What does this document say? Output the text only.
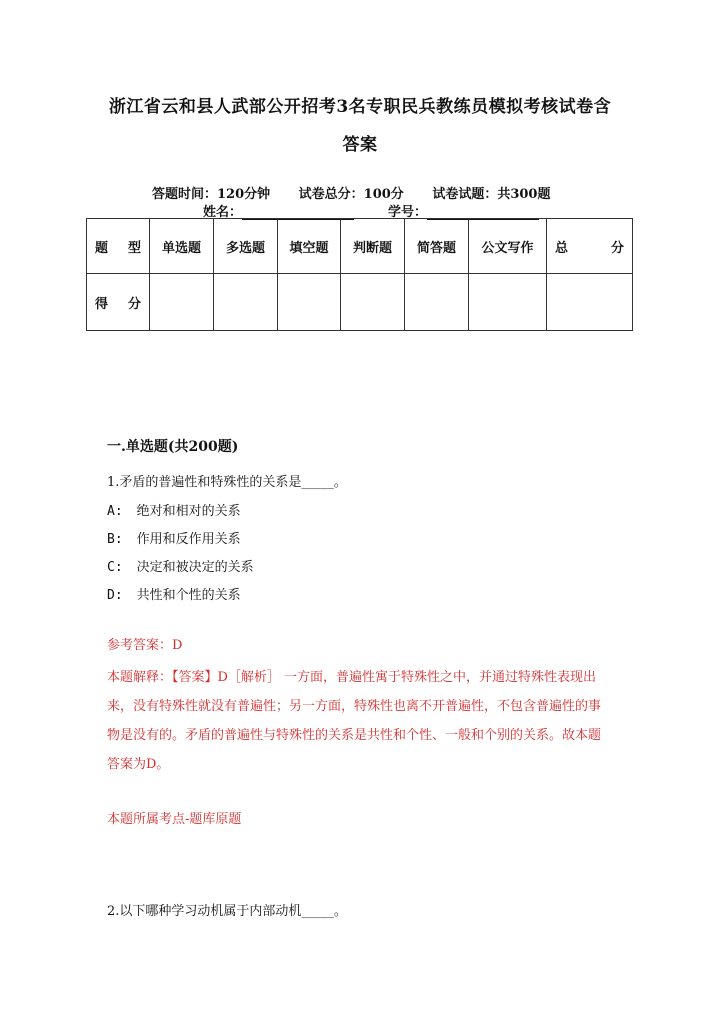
浙江省云和县人武部公开招考3名专职民兵教练员模拟考核试卷含
答案
答题时间：120分钟 试卷总分：100分 试卷试题：共300题
姓名：	学号：
题 型	单选题	多选题	填空题	判断题	简答题	公文写作	总 分

得 分							

一.单选题(共200题)
1.矛盾的普遍性和特殊性的关系是_____。
A: 绝对和相对的关系
B: 作用和反作用关系
C: 决定和被决定的关系
D: 共性和个性的关系
参考答案：D
本题解释：【答案】D［解析］ 一方面，普遍性寓于特殊性之中，并通过特殊性表现出来，没有特殊性就没有普遍性；另一方面，特殊性也离不开普遍性，不包含普遍性的事物是没有的。矛盾的普遍性与特殊性的关系是共性和个性、一般和个别的关系。故本题答案为D。
本题所属考点-题库原题
2.以下哪种学习动机属于内部动机_____。
